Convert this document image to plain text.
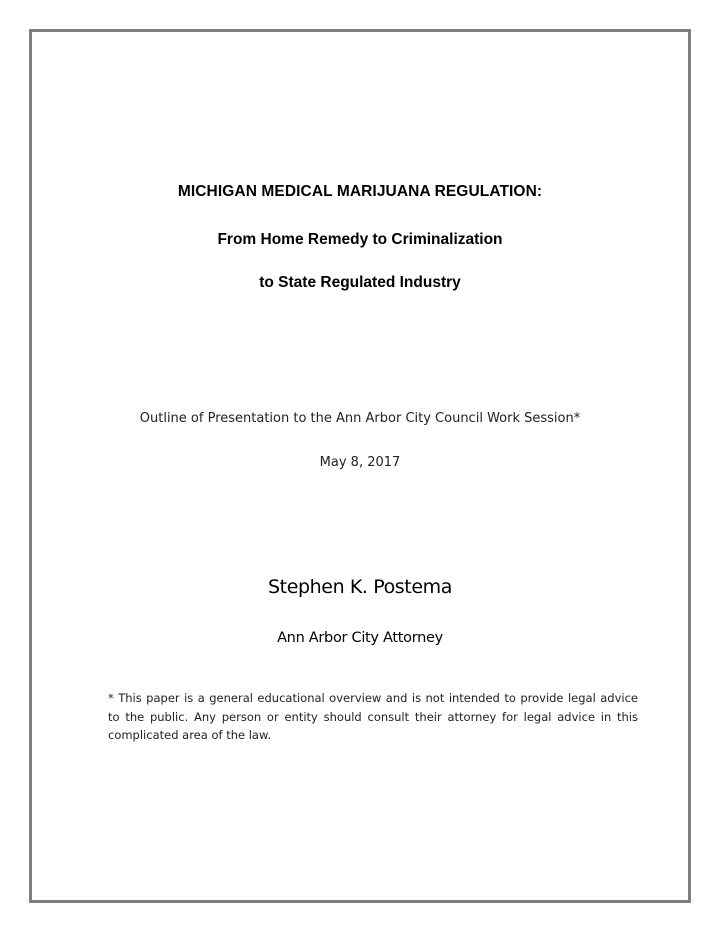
MICHIGAN MEDICAL MARIJUANA REGULATION:
From Home Remedy to Criminalization
to State Regulated Industry
Outline of Presentation to the Ann Arbor City Council Work Session*
May 8, 2017
Stephen K. Postema
Ann Arbor City Attorney
* This paper is a general educational overview and is not intended to provide legal advice to the public. Any person or entity should consult their attorney for legal advice in this complicated area of the law.
